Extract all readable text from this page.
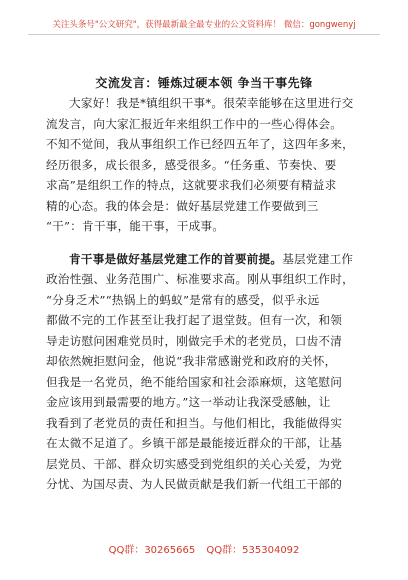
关注头条号"公文研究"，获得最新最全最专业的公文资料库！ 微信：gongwenyj
交流发言：锤炼过硬本领 争当干事先锋
大家好！我是*镇组织干事*。很荣幸能够在这里进行交
流发言，向大家汇报近年来组织工作中的一些心得体会。
不知不觉间，我从事组织工作已经四五年了，这四年多来，
经历很多，成长很多，感受很多。“任务重、节奏快、要
求高”是组织工作的特点，这就要求我们必须要有精益求
精的心态。我的体会是：做好基层党建工作要做到三
“干”：肯干事，能干事，干成事。
肯干事是做好基层党建工作的首要前提。基层党建工作
政治性强、业务范围广、标准要求高。刚从事组织工作时，
“分身乏术”“热锅上的蚂蚁”是常有的感受，似乎永远
都做不完的工作甚至让我打起了退堂鼓。但有一次，和领
导走访慰问困难党员时，刚做完手术的老党员，口齿不清
却依然婉拒慰问金，他说“我非常感谢党和政府的关怀，
但我是一名党员，绝不能给国家和社会添麻烦，这笔慰问
金应该用到最需要的地方。”这一举动让我深受感触，让
我看到了老党员的责任和担当。与他们相比，我能做得实
在太微不足道了。乡镇干部是最能接近群众的干部，让基
层党员、干部、群众切实感受到党组织的关心关爱，为党
分忧、为国尽责、为人民做贡献是我们新一代组工干部的
QQ群：30265665 QQ群：535304092
